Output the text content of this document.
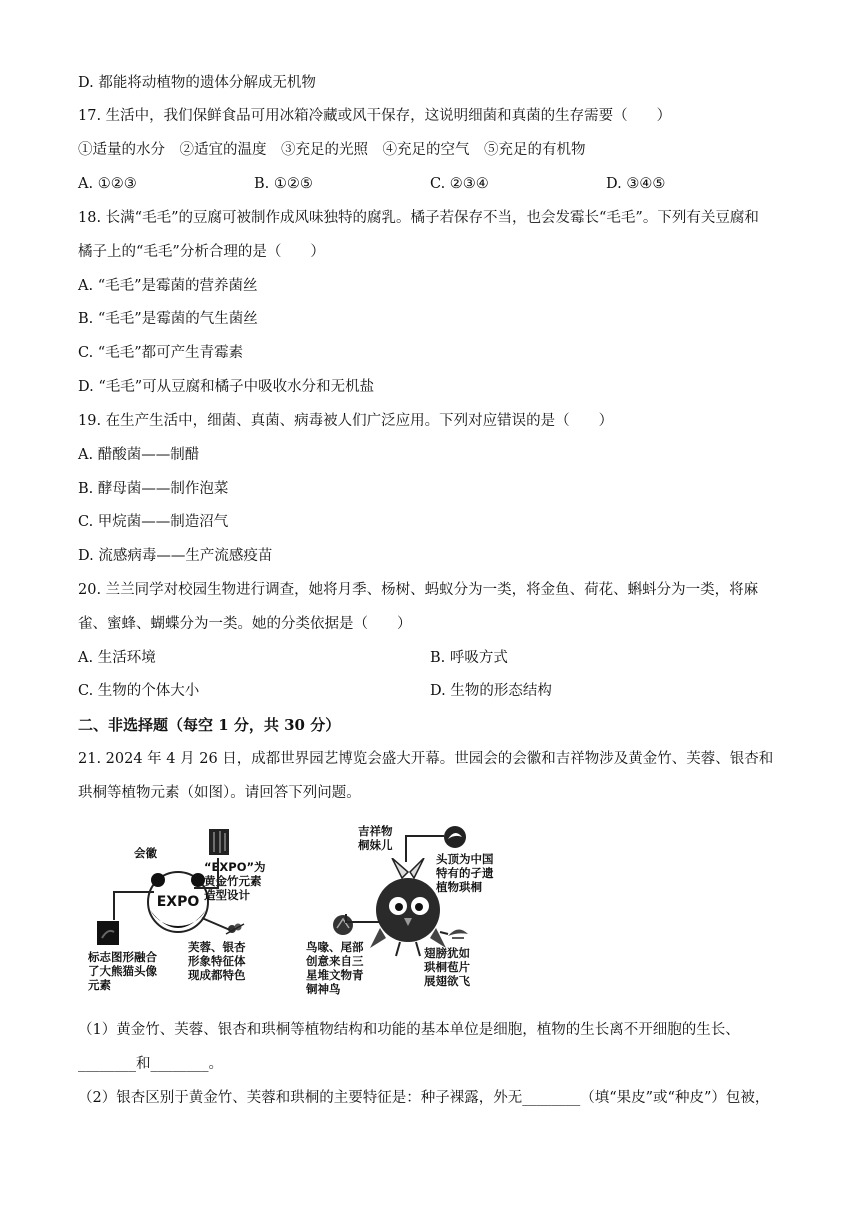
D. 都能将动植物的遗体分解成无机物
17. 生活中，我们保鲜食品可用冰箱冷藏或风干保存，这说明细菌和真菌的生存需要（　　）
①适量的水分　②适宜的温度　③充足的光照　④充足的空气　⑤充足的有机物
A. ①②③	B. ①②⑤	C. ②③④	D. ③④⑤
18. 长满“毛毛”的豆腐可被制作成风味独特的腐乳。橘子若保存不当，也会发霉长“毛毛”。下列有关豆腐和
橘子上的“毛毛”分析合理的是（　　）
A. “毛毛”是霉菌的营养菌丝
B. “毛毛”是霉菌的气生菌丝
C. “毛毛”都可产生青霉素
D. “毛毛”可从豆腐和橘子中吸收水分和无机盐
19. 在生产生活中，细菌、真菌、病毒被人们广泛应用。下列对应错误的是（　　）
A. 醋酸菌——制醋
B. 酵母菌——制作泡菜
C. 甲烷菌——制造沼气
D. 流感病毒——生产流感疫苗
20. 兰兰同学对校园生物进行调查，她将月季、杨树、蚂蚁分为一类，将金鱼、荷花、蝌蚪分为一类，将麻
雀、蜜蜂、蝴蝶分为一类。她的分类依据是（　　）
A. 生活环境	B. 呼吸方式
C. 生物的个体大小	D. 生物的形态结构
二、非选择题（每空 1 分，共 30 分）
21. 2024 年 4 月 26 日，成都世界园艺博览会盛大开幕。世园会的会徽和吉祥物涉及黄金竹、芙蓉、银杏和
珙桐等植物元素（如图）。请回答下列问题。
会徽
EXPO
“EXPO”为
黄金竹元素
造型设计
标志图形融合
了大熊猫头像
元素
芙蓉、银杏
形象特征体
现成都特色
吉祥物
桐妹儿
头顶为中国
特有的孑遗
植物珙桐
鸟喙、尾部
创意来自三
星堆文物青
铜神鸟
翅膀犹如
珙桐苞片
展翅欲飞
（1）黄金竹、芙蓉、银杏和珙桐等植物结构和功能的基本单位是细胞，植物的生长离不开细胞的生长、
________和________。
（2）银杏区别于黄金竹、芙蓉和珙桐的主要特征是：种子裸露，外无________（填“果皮”或“种皮”）包被，
